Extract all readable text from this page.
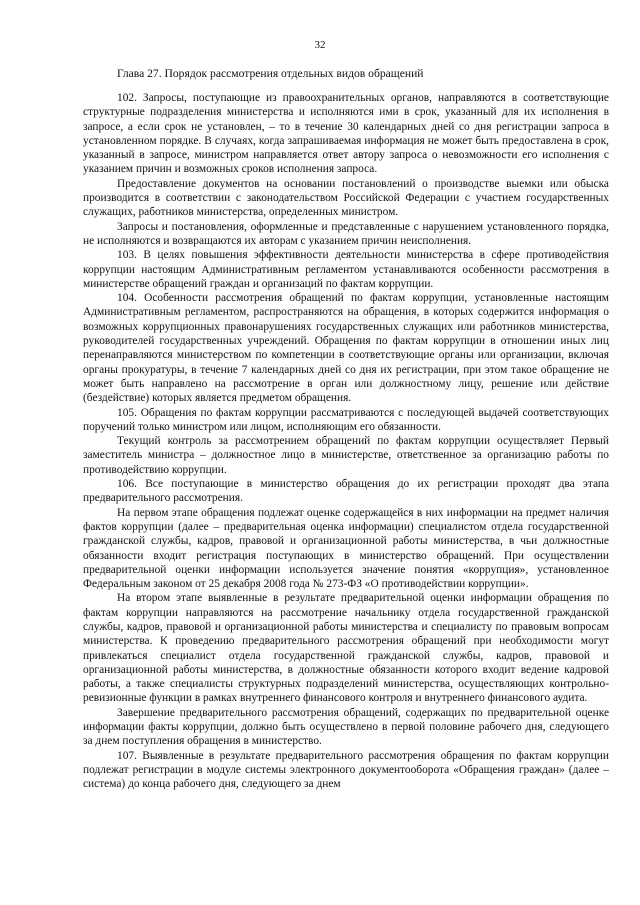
32
Глава 27. Порядок рассмотрения отдельных видов обращений

102. Запросы, поступающие из правоохранительных органов, направляются в соответствующие структурные подразделения министерства и исполняются ими в срок, указанный для их исполнения в запросе, а если срок не установлен, – то в течение 30 календарных дней со дня регистрации запроса в установленном порядке. В случаях, когда запрашиваемая информация не может быть предоставлена в срок, указанный в запросе, министром направляется ответ автору запроса о невозможности его исполнения с указанием причин и возможных сроков исполнения запроса.

Предоставление документов на основании постановлений о производстве выемки или обыска производится в соответствии с законодательством Российской Федерации с участием государственных служащих, работников министерства, определенных министром.

Запросы и постановления, оформленные и представленные с нарушением установленного порядка, не исполняются и возвращаются их авторам с указанием причин неисполнения.

103. В целях повышения эффективности деятельности министерства в сфере противодействия коррупции настоящим Административным регламентом устанавливаются особенности рассмотрения в министерстве обращений граждан и организаций по фактам коррупции.

104. Особенности рассмотрения обращений по фактам коррупции, установленные настоящим Административным регламентом, распространяются на обращения, в которых содержится информация о возможных коррупционных правонарушениях государственных служащих или работников министерства, руководителей государственных учреждений. Обращения по фактам коррупции в отношении иных лиц перенаправляются министерством по компетенции в соответствующие органы или организации, включая органы прокуратуры, в течение 7 календарных дней со дня их регистрации, при этом такое обращение не может быть направлено на рассмотрение в орган или должностному лицу, решение или действие (бездействие) которых является предметом обращения.

105. Обращения по фактам коррупции рассматриваются с последующей выдачей соответствующих поручений только министром или лицом, исполняющим его обязанности.

Текущий контроль за рассмотрением обращений по фактам коррупции осуществляет Первый заместитель министра – должностное лицо в министерстве, ответственное за организацию работы по противодействию коррупции.

106. Все поступающие в министерство обращения до их регистрации проходят два этапа предварительного рассмотрения.

На первом этапе обращения подлежат оценке содержащейся в них информации на предмет наличия фактов коррупции (далее – предварительная оценка информации) специалистом отдела государственной гражданской службы, кадров, правовой и организационной работы министерства, в чьи должностные обязанности входит регистрация поступающих в министерство обращений. При осуществлении предварительной оценки информации используется значение понятия «коррупция», установленное Федеральным законом от 25 декабря 2008 года № 273-ФЗ «О противодействии коррупции».

На втором этапе выявленные в результате предварительной оценки информации обращения по фактам коррупции направляются на рассмотрение начальнику отдела государственной гражданской службы, кадров, правовой и организационной работы министерства и специалисту по правовым вопросам министерства. К проведению предварительного рассмотрения обращений при необходимости могут привлекаться специалист отдела государственной гражданской службы, кадров, правовой и организационной работы министерства, в должностные обязанности которого входит ведение кадровой работы, а также специалисты структурных подразделений министерства, осуществляющих контрольно-ревизионные функции в рамках внутреннего финансового контроля и внутреннего финансового аудита.

Завершение предварительного рассмотрения обращений, содержащих по предварительной оценке информации факты коррупции, должно быть осуществлено в первой половине рабочего дня, следующего за днем поступления обращения в министерство.

107. Выявленные в результате предварительного рассмотрения обращения по фактам коррупции подлежат регистрации в модуле системы электронного документооборота «Обращения граждан» (далее – система) до конца рабочего дня, следующего за днем
